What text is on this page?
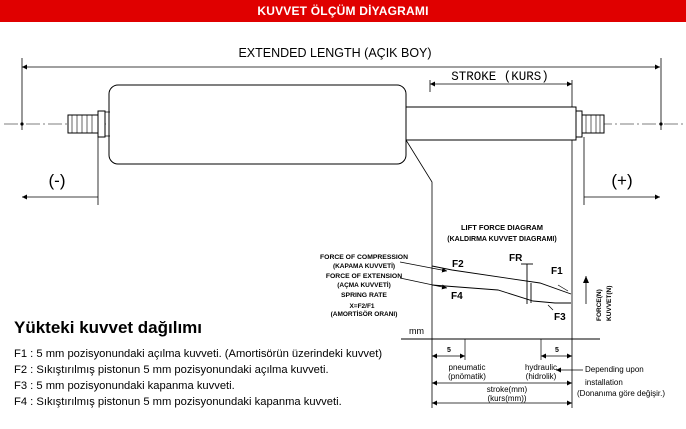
KUVVET ÖLÇÜM DİYAGRAMI
EXTENDED LENGTH (AÇIK BOY)
STROKE (KURS)
(-)	(+)
LIFT FORCE DIAGRAM
(KALDIRMA KUVVET DIAGRAMI)
F2
F4
FR
F1
F3	FORCE(N) KUVVET(N)
FORCE OF COMPRESSION
(KAPAMA KUVVETİ)
FORCE OF EXTENSION
(AÇMA KUVVETİ)
SPRING RATE
X=F2/F1
(AMORTİSÖR ORANI)
mm
5	5
pneumatic
(pnömatik)
hydraulic
(hidrolik)
stroke(mm)
(kurs(mm))
Depending upon
installation
(Donanıma göre değişir.)
Yükteki kuvvet dağılımı
F1 : 5 mm pozisyonundaki açılma kuvveti. (Amortisörün üzerindeki kuvvet)
F2 : Sıkıştırılmış pistonun 5 mm pozisyonundaki açılma kuvveti.
F3 : 5 mm pozisyonundaki kapanma kuvveti.
F4 : Sıkıştırılmış pistonun 5 mm pozisyonundaki kapanma kuvveti.
